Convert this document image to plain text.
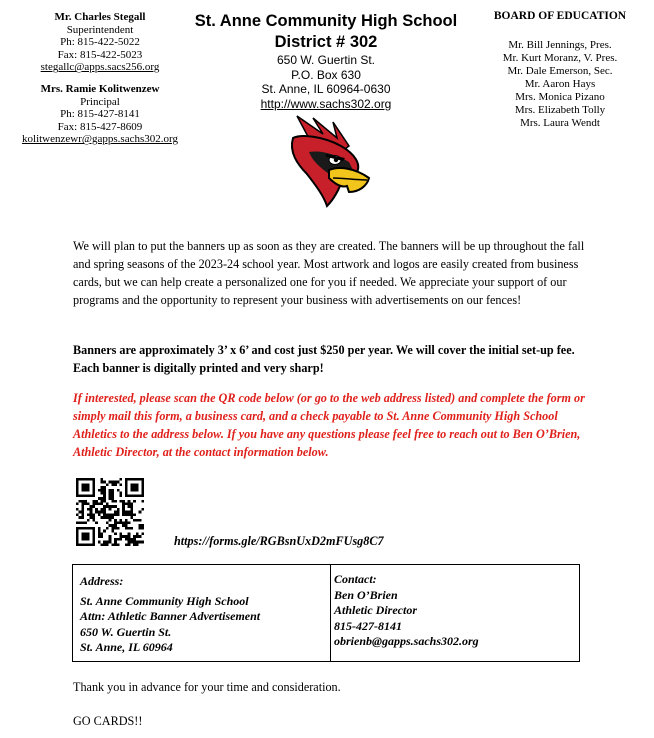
Mr. Charles Stegall
Superintendent
Ph: 815-422-5022
Fax: 815-422-5023
stegallc@apps.sacs256.org
Mrs. Ramie Kolitwenzew
Principal
Ph: 815-427-8141
Fax: 815-427-8609
kolitwenzewr@gapps.sachs302.org
St. Anne Community High School
District # 302
650 W. Guertin St.
P.O. Box 630
St. Anne, IL 60964-0630
http://www.sachs302.org
BOARD OF EDUCATION
Mr. Bill Jennings, Pres.
Mr. Kurt Moranz, V. Pres.
Mr. Dale Emerson, Sec.
Mr. Aaron Hays
Mrs. Monica Pizano
Mrs. Elizabeth Tolly
Mrs. Laura Wendt
We will plan to put the banners up as soon as they are created. The banners will be up throughout the fall and spring seasons of the 2023-24 school year. Most artwork and logos are easily created from business cards, but we can help create a personalized one for you if needed. We appreciate your support of our programs and the opportunity to represent your business with advertisements on our fences!
Banners are approximately 3’ x 6’ and cost just $250 per year. We will cover the initial set-up fee. Each banner is digitally printed and very sharp!
If interested, please scan the QR code below (or go to the web address listed) and complete the form or simply mail this form, a business card, and a check payable to St. Anne Community High School Athletics to the address below. If you have any questions please feel free to reach out to Ben O’Brien, Athletic Director, at the contact information below.
https://forms.gle/RGBsnUxD2mFUsg8C7
Address:
St. Anne Community High School
Attn: Athletic Banner Advertisement
650 W. Guertin St.
St. Anne, IL 60964
Contact:
Ben O’Brien
Athletic Director
815-427-8141
obrienb@gapps.sachs302.org
Thank you in advance for your time and consideration.
GO CARDS!!
